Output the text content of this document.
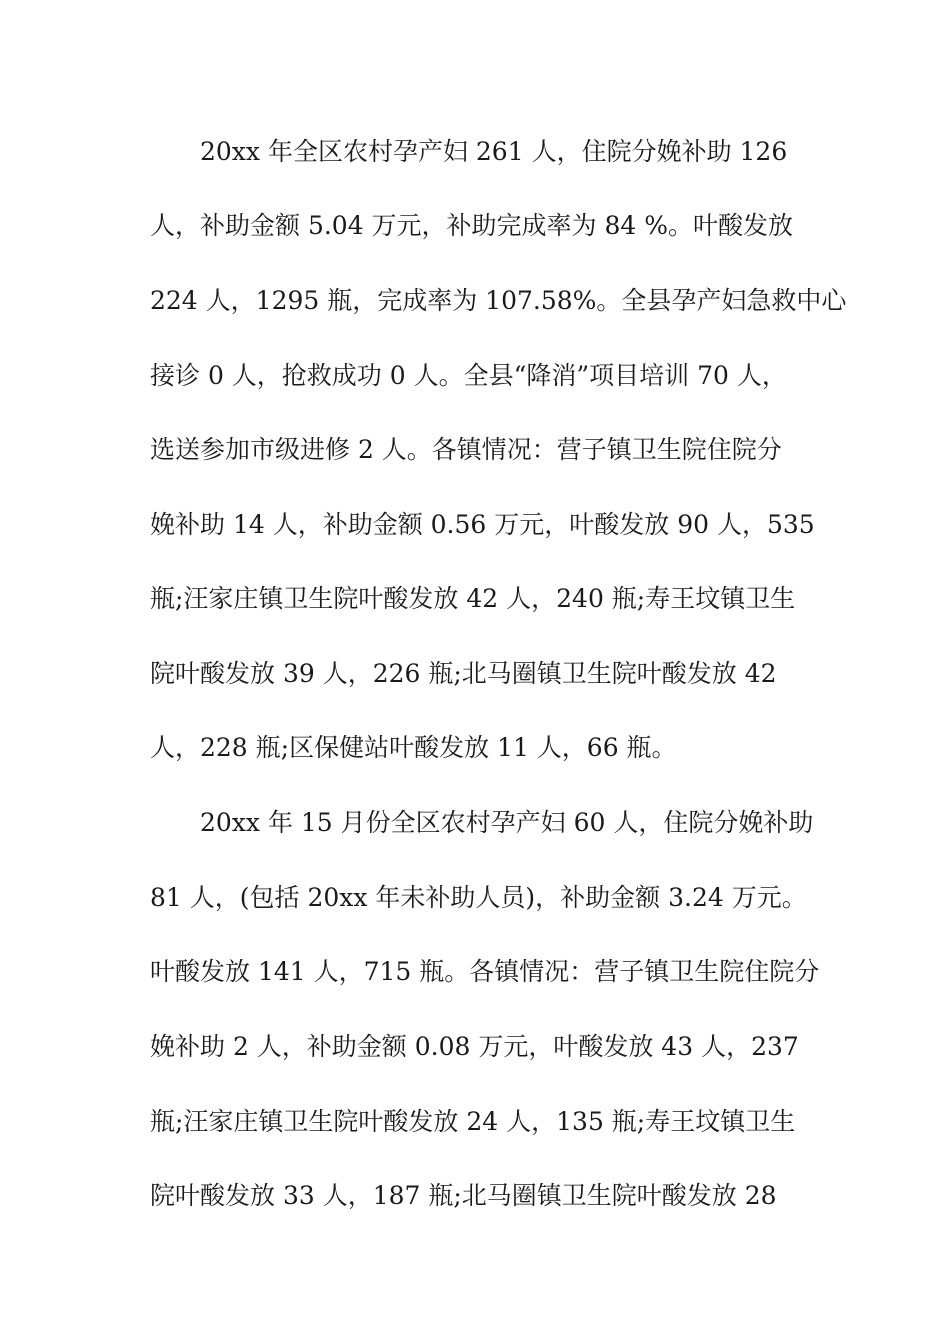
20xx 年全区农村孕产妇 261 人，住院分娩补助 126
人，补助金额 5.04 万元，补助完成率为 84 %。叶酸发放
224 人，1295 瓶，完成率为 107.58%。全县孕产妇急救中心
接诊 0 人，抢救成功 0 人。全县“降消”项目培训 70 人，
选送参加市级进修 2 人。各镇情况：营子镇卫生院住院分
娩补助 14 人，补助金额 0.56 万元，叶酸发放 90 人，535
瓶;汪家庄镇卫生院叶酸发放 42 人，240 瓶;寿王坟镇卫生
院叶酸发放 39 人，226 瓶;北马圈镇卫生院叶酸发放 42
人，228 瓶;区保健站叶酸发放 11 人，66 瓶。
20xx 年 15 月份全区农村孕产妇 60 人，住院分娩补助
81 人，(包括 20xx 年未补助人员)，补助金额 3.24 万元。
叶酸发放 141 人，715 瓶。各镇情况：营子镇卫生院住院分
娩补助 2 人，补助金额 0.08 万元，叶酸发放 43 人，237
瓶;汪家庄镇卫生院叶酸发放 24 人，135 瓶;寿王坟镇卫生
院叶酸发放 33 人，187 瓶;北马圈镇卫生院叶酸发放 28
